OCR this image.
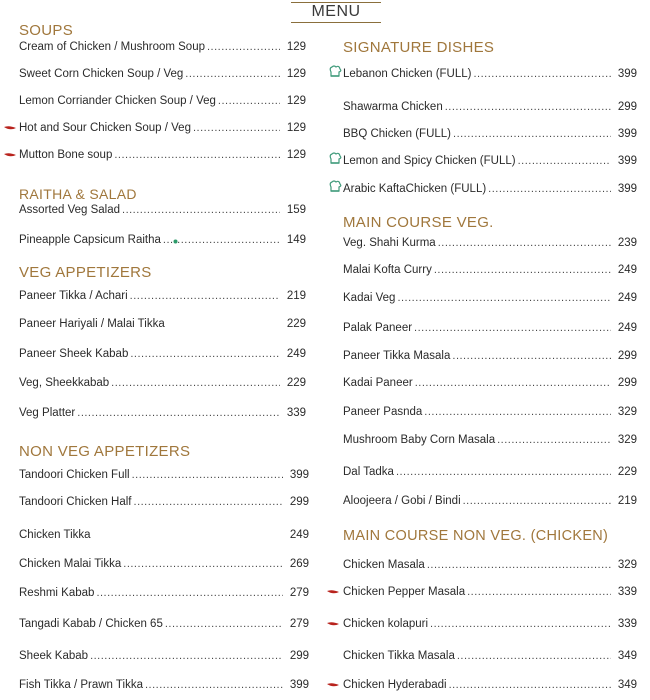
MENU
SOUPS
Cream of Chicken / Mushroom Soup .....	129
Sweet Corn Chicken Soup / Veg .....	129
Lemon Corriander Chicken Soup / Veg .....	129
Hot and Sour Chicken Soup / Veg .....	129
Mutton Bone soup .....	129
RAITHA & SALAD
Assorted Veg Salad .....	159
Pineapple Capsicum Raitha .....	149
VEG APPETIZERS
Paneer Tikka / Achari .....	219
Paneer Hariyali / Malai Tikka	229
Paneer Sheek Kabab .....	249
Veg, Sheekkabab .....	229
Veg Platter .....	339
NON VEG APPETIZERS
Tandoori Chicken Full .....	399
Tandoori Chicken Half .....	299
Chicken Tikka	249
Chicken Malai Tikka .....	269
Reshmi Kabab .....	279
Tangadi Kabab / Chicken 65 .....	279
Sheek Kabab .....	299
Fish Tikka / Prawn Tikka .....	399
SIGNATURE DISHES
Lebanon Chicken (FULL) .....	399
Shawarma Chicken .....	299
BBQ Chicken (FULL) .....	399
Lemon and Spicy Chicken (FULL) .....	399
Arabic KaftaChicken (FULL) .....	399
MAIN COURSE VEG.
Veg. Shahi Kurma .....	239
Malai Kofta Curry .....	249
Kadai Veg .....	249
Palak Paneer .....	249
Paneer Tikka Masala .....	299
Kadai Paneer .....	299
Paneer Pasnda .....	329
Mushroom Baby Corn Masala .....	329
Dal Tadka .....	229
Aloojeera / Gobi / Bindi .....	219
MAIN COURSE NON VEG. (CHICKEN)
Chicken Masala .....	329
Chicken Pepper Masala .....	339
Chicken kolapuri .....	339
Chicken Tikka Masala .....	349
Chicken Hyderabadi .....	349
